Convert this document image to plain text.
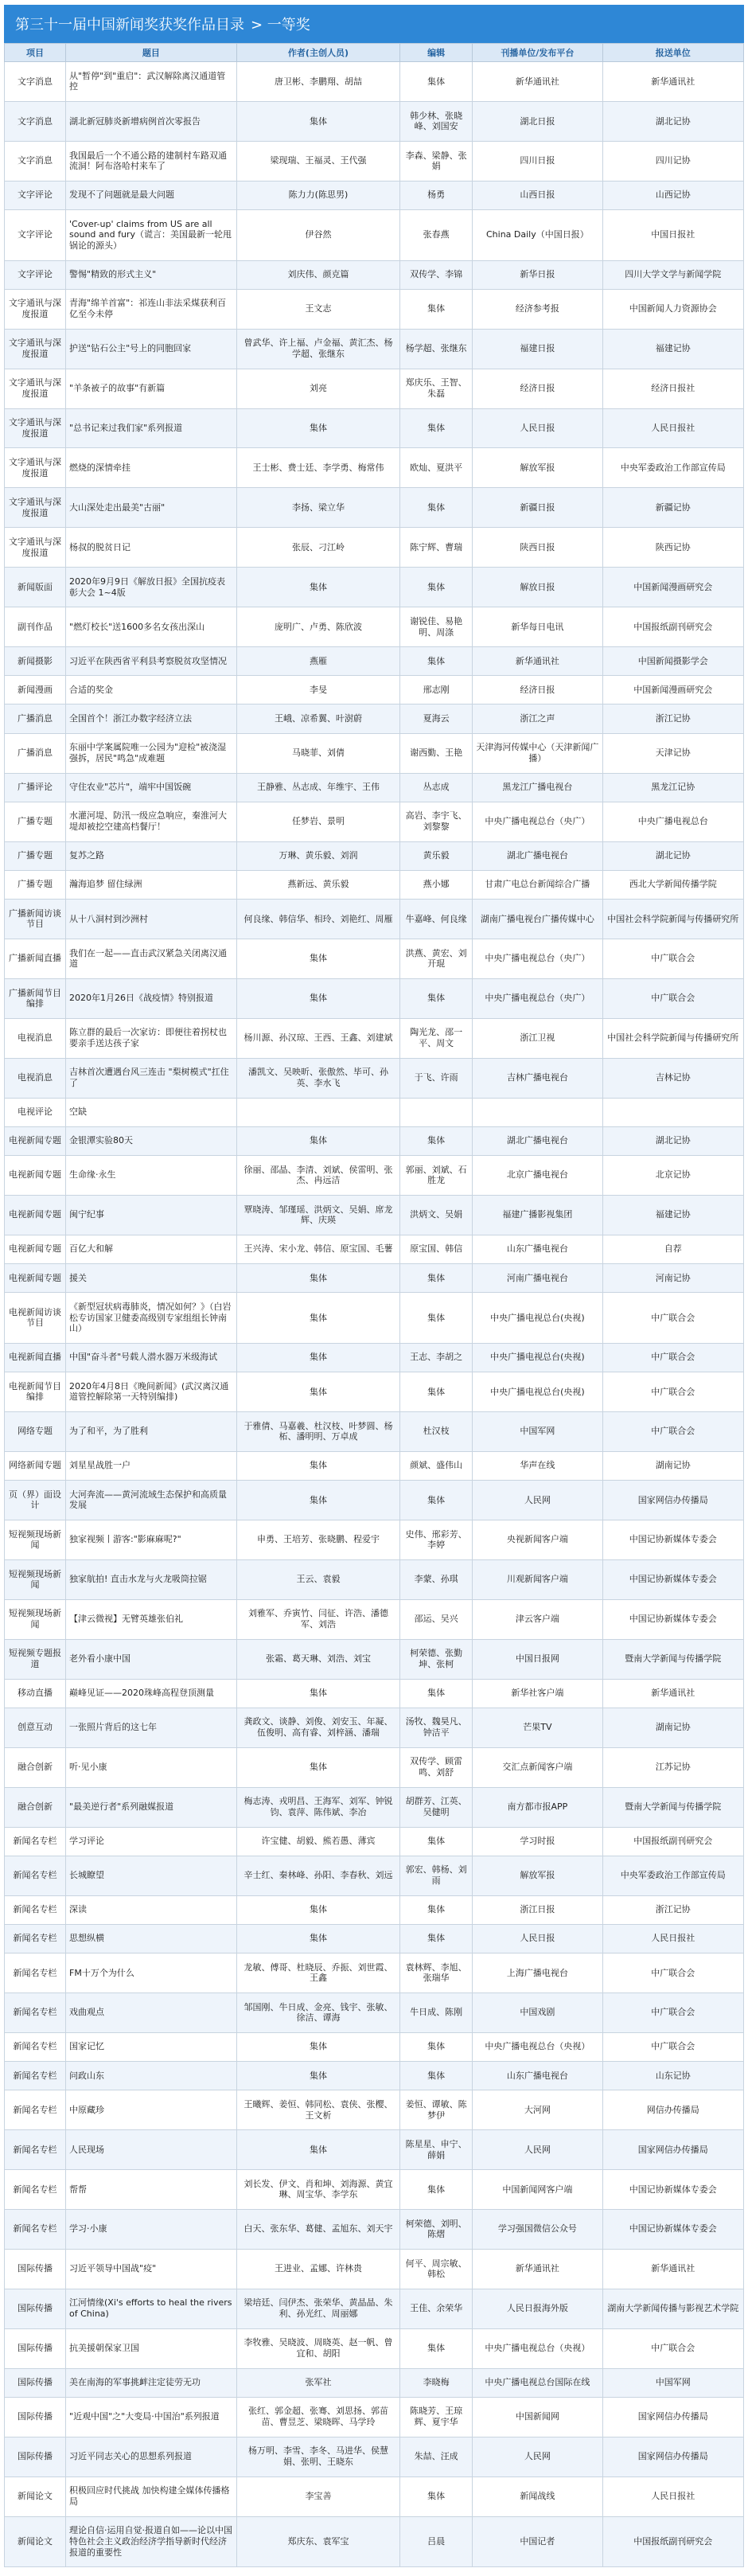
第三十一届中国新闻奖获奖作品目录 > 一等奖
项目	题目	作者(主创人员)	编辑	刊播单位/发布平台	报送单位
文字消息	从"暂停"到"重启"：武汉解除离汉通道管控	唐卫彬、李鹏翔、胡喆	集体	新华通讯社	新华通讯社
文字消息	湖北新冠肺炎新增病例首次零报告	集体	韩少林、张晓峰、刘国安	湖北日报	湖北记协
文字消息	我国最后一个不通公路的建制村车路双通流洞！阿布洛哈村来车了	梁现瑞、王福灵、王代强	李森、梁静、张娟	四川日报	四川记协
文字评论	发现不了问题就是最大问题	陈力力(陈思男)	杨勇	山西日报	山西记协
文字评论	'Cover-up' claims from US are all sound and fury（谎言：美国最新一轮甩锅论的源头）	伊谷然	张春燕	China Daily（中国日报）	中国日报社
文字评论	警惕"精致的形式主义"	刘庆伟、颜克篇	双传学、李锦	新华日报	四川大学文学与新闻学院
文字通讯与深度报道	青海"绵羊首富"：祁连山非法采煤获利百亿至今未停	王文志	集体	经济参考报	中国新闻人力资源协会
文字通讯与深度报道	护送"钻石公主"号上的同胞回家	曾武华、许上福、卢金福、黄汇杰、杨学超、张继东	杨学超、张继东	福建日报	福建记协
文字通讯与深度报道	"羊条被子的故事"有新篇	刘亮	郑庆乐、王智、朱磊	经济日报	经济日报社
文字通讯与深度报道	"总书记来过我们家"系列报道	集体	集体	人民日报	人民日报社
文字通讯与深度报道	燃烧的深情牵挂	王士彬、费士廷、李学勇、梅常伟	欧灿、夏洪平	解放军报	中央军委政治工作部宣传局
文字通讯与深度报道	大山深处走出最美"古丽"	李扬、梁立华	集体	新疆日报	新疆记协
文字通讯与深度报道	杨叔的脱贫日记	张辰、刁江岭	陈宁辉、曹瑞	陕西日报	陕西记协
新闻版面	2020年9月9日《解放日报》全国抗疫表彰大会 1~4版	集体	集体	解放日报	中国新闻漫画研究会
副刊作品	"燃灯校长"送1600多名女孩出深山	庞明广、卢勇、陈欣波	谢锐佳、易艳明、周涤	新华每日电讯	中国报纸副刊研究会
新闻摄影	习近平在陕西省平利县考察脱贫攻坚情况	燕雁	集体	新华通讯社	中国新闻摄影学会
新闻漫画	合适的奖金	李旻	邢志刚	经济日报	中国新闻漫画研究会
广播消息	全国首个！浙江办数字经济立法	王峨、凉希翼、叶澍蔚	夏海云	浙江之声	浙江记协
广播消息	东丽中学案属院唯一公园为"迎检"被浇湿强拆，居民"鸣急"成难题	马晓菲、刘倩	谢西勤、王艳	天津海河传媒中心（天津新闻广播）	天津记协
广播评论	守住农业"芯片"，端牢中国饭碗	王静雅、丛志成、年维宇、王伟	丛志成	黑龙江广播电视台	黑龙江记协
广播专题	水灌河堤、防汛一级应急响应，秦淮河大堤却被挖空建高档餐厅！	任梦岩、景明	高岩、李宇飞、刘黎黎	中央广播电视总台（央广）	中央广播电视总台
广播专题	复苏之路	万琳、黄乐毅、刘润	黄乐毅	湖北广播电视台	湖北记协
广播专题	瀚海追梦 留住绿洲	燕新远、黄乐毅	燕小娜	甘肃广电总台新闻综合广播	西北大学新闻传播学院
广播新闻访谈节目	从十八洞村到沙洲村	何良缘、韩信华、相玲、刘艳红、周雁	牛嘉峰、何良缘	湖南广播电视台广播传媒中心	中国社会科学院新闻与传播研究所
广播新闻直播	我们在一起——直击武汉紧急关闭离汉通道	集体	洪燕、黄宏、刘开琨	中央广播电视总台（央广）	中广联合会
广播新闻节目编排	2020年1月26日《战疫情》特别报道	集体	集体	中央广播电视总台（央广）	中广联合会
电视消息	陈立群的最后一次家访：即便往着拐杖也要亲手送达孩子家	杨川源、孙汉琼、王西、王鑫、刘建斌	陶光龙、邵一平、周文	浙江卫视	中国社会科学院新闻与传播研究所
电视消息	吉林首次遭遇台风三连击 "梨树模式"扛住了	潘凯文、吴映昕、张傲然、毕可、孙英、李水飞	于飞、许雨	吉林广播电视台	吉林记协
电视评论	空缺				
电视新闻专题	金银潭实验80天	集体	集体	湖北广播电视台	湖北记协
电视新闻专题	生命缘·永生	徐丽、邵晶、李清、刘斌、侯雷明、张杰、冉远洁	郭丽、刘斌、石胜龙	北京广播电视台	北京记协
电视新闻专题	闽宁纪事	覃晓涛、邹瑾瑶、洪炳文、吴娟、席龙辉、庆瑛	洪炳文、吴娟	福建广播影视集团	福建记协
电视新闻专题	百亿大和解	王兴涛、宋小龙、韩信、原宝国、毛薯	原宝国、韩信	山东广播电视台	自荐
电视新闻专题	援关	集体	集体	河南广播电视台	河南记协
电视新闻访谈节目	《新型冠状病毒肺炎，情况如何？》（白岩松专访国家卫健委高级别专家组组长钟南山）	集体	集体	中央广播电视总台(央视)	中广联合会
电视新闻直播	中国"奋斗者"号载人潜水器万米级海试	集体	王志、李胡之	中央广播电视总台(央视)	中广联合会
电视新闻节目编排	2020年4月8日《晚间新闻》(武汉离汉通道管控解除第一天特别编排)	集体	集体	中央广播电视总台(央视)	中广联合会
网络专题	为了和平，为了胜利	于雅倩、马嘉羲、杜汉枝、叶梦圆、杨柘、潘明明、万卓成	杜汉枝	中国军网	中广联合会
网络新闻专题	刘星星战胜一户	集体	颜斌、盛伟山	华声在线	湖南记协
页（界）面设计	大河奔流——黄河流域生态保护和高质量发展	集体	集体	人民网	国家网信办传播局
短视频现场新闻	独家视频丨游客:"影麻麻呢?"	申勇、王培芳、张晓鹏、程爱宇	史伟、邢彩芳、李婷	央视新闻客户端	中国记协新媒体专委会
短视频现场新闻	独家航拍! 直击水龙与火龙吸筒拉锯	王云、袁毅	李蒙、孙琪	川观新闻客户端	中国记协新媒体专委会
短视频现场新闻	【津云微视】无臂英雄张伯礼	刘雅军、乔寅竹、闫征、许浩、潘德军、刘浩	邵运、吴兴	津云客户端	中国记协新媒体专委会
短视频专题报道	老外看小康中国	张霜、葛天琳、刘浩、刘宝	柯荣德、张勤坤、张柯	中国日报网	暨南大学新闻与传播学院
移动直播	巅峰见证——2020珠峰高程登顶测量	集体	集体	新华社客户端	新华通讯社
创意互动	一张照片背后的这七年	龚政文、谈静、刘俊、刘安玉、年凝、伍俊明、高有睿、刘梓涵、潘瑞	汤牧、魏昊凡、钟洁平	芒果TV	湖南记协
融合创新	听·见小康	集体	双传学、顾雷鸣、刘舒	交汇点新闻客户端	江苏记协
融合创新	"最美逆行者"系列融媒报道	梅志涛、戎明昌、王海军、刘军、钟锐钧、袁萍、陈伟斌、李冶	胡群芳、江英、吴健明	南方都市报APP	暨南大学新闻与传播学院
新闻名专栏	学习评论	许宝健、胡毅、熊若愚、薄宾	集体	学习时报	中国报纸副刊研究会
新闻名专栏	长城瞭望	辛士红、秦林峰、孙阳、李春秋、刘远	郭宏、韩杨、刘雨	解放军报	中央军委政治工作部宣传局
新闻名专栏	深读	集体	集体	浙江日报	浙江记协
新闻名专栏	思想纵横	集体	集体	人民日报	人民日报社
新闻名专栏	FM十万个为什么	龙敏、傅哥、杜晓辰、乔振、刘世霞、王鑫	袁林辉、李旭、张瑞华	上海广播电视台	中广联合会
新闻名专栏	戏曲观点	邹国刚、牛日成、金亮、钱宇、张敏、徐洁、谭海	牛日成、陈刚	中国戏剧	中广联合会
新闻名专栏	国家记忆	集体	集体	中央广播电视总台（央视）	中广联合会
新闻名专栏	问政山东	集体	集体	山东广播电视台	山东记协
新闻名专栏	中原藏珍	王曦辉、姜恒、韩同松、袁侠、张樱、王文析	姜恒、谭敏、陈梦伊	大河网	网信办传播局
新闻名专栏	人民现场	集体	陈星星、申宁、薛娟	人民网	国家网信办传播局
新闻名专栏	帮帮	刘长发、伊文、肖和坤、刘海源、黄宜琳、周宝华、李学东	集体	中国新闻网客户端	中国记协新媒体专委会
新闻名专栏	学习·小康	白天、张东华、葛健、孟旭东、刘天宇	柯荣德、刘明、陈熠	学习强国微信公众号	中国记协新媒体专委会
国际传播	习近平领导中国战"疫"	王进业、孟娜、许林贵	何平、周宗敏、韩松	新华通讯社	新华通讯社
国际传播	江河情缘(Xi's efforts to heal the rivers of China)	梁培廷、闫伊杰、张荣华、黄晶晶、朱利、孙光红、周丽娜	王佳、余荣华	人民日报海外版	湖南大学新闻传播与影视艺术学院
国际传播	抗美援朝保家卫国	李牧雅、吴晓波、周晓英、赵一帆、曾宜和、胡阳	集体	中央广播电视总台（央视）	中广联合会
国际传播	美在南海的军事挑衅注定徒劳无功	张军社	李晓梅	中央广播电视总台国际在线	中国军网
国际传播	"近观中国"之"大变局·中国治"系列报道	张红、郭金超、张骞、刘思扬、郭苗苗、曹昱芝、梁晓晖、马学玲	陈晓芳、王琼辉、夏宇华	中国新闻网	国家网信办传播局
国际传播	习近平同志关心的思想系列报道	杨万明、李雪、李冬、马进华、侯慧娟、张明、王晓东	朱喆、汪成	人民网	国家网信办传播局
新闻论文	积极回应时代挑战 加快构建全媒体传播格局	李宝善	集体	新闻战线	人民日报社
新闻论文	理论自信·运用自觉·报道自如——论以中国特色社会主义政治经济学指导新时代经济报道的重要性	郑庆东、袁军宝	吕晨	中国记者	中国报纸副刊研究会
